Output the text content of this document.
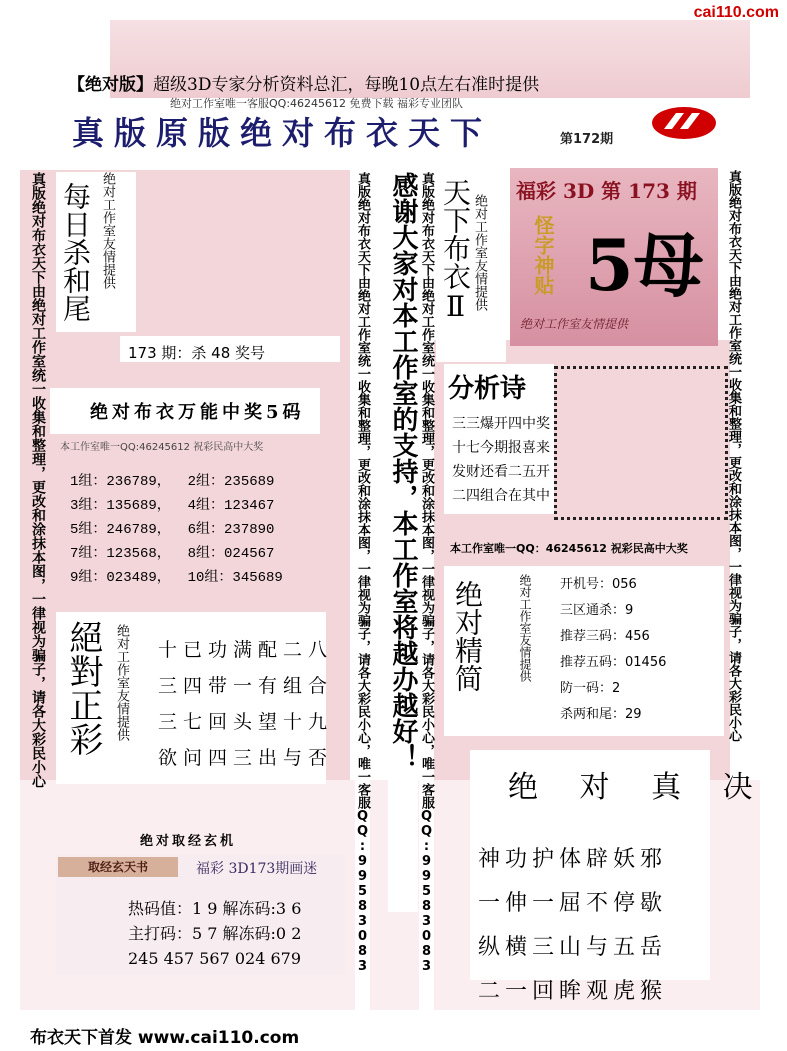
cai110.com
【绝对版】超级3D专家分析资料总汇，每晚10点左右准时提供
绝对工作室唯一客服QQ:46245612 免费下载 福彩专业团队
真版原版绝对布衣天下	第172期
真版绝对布衣天下由绝对工作室统一收集和整理，更改和涂抹本图，一律视为骗子，请各大彩民小心	真版绝对布衣天下由绝对工作室统一收集和整理，更改和涂抹本图，一律视为骗子，请各大彩民小心
真版绝对布衣天下由绝对工作室统一收集和整理，更改和涂抹本图，一律视为骗子，请各大彩民小心，唯一客服QQ:99583083	真版绝对布衣天下由绝对工作室统一收集和整理，更改和涂抹本图，一律视为骗子，请各大彩民小心，唯一客服QQ:99583083
感谢大家对本工作室的支持，本工作室将越办越好！
每日杀和尾 绝对工作室友情提供
173 期：杀 48 奖号
绝对布衣万能中奖5码
本工作室唯一QQ:46245612 祝彩民高中大奖
1组：236789，  2组：235689
3组：135689，  4组：123467
5组：246789，  6组：237890
7组：123568，  8组：024567
9组：023489，  10组：345689
絕對正彩 绝对工作室友情提供 十已功满配二八
三四带一有组合
三七回头望十九
欲问四三出与否
绝对取经玄机
取经玄天书	福彩 3D173期画迷
热码值：1 9 解冻码:3 6
主打码：5 7 解冻码:0 2
245 457 567 024 679
天下布衣Ⅱ 绝对工作室友情提供
福彩 3D 第 173 期
怪字神贴 5母
绝对工作室友情提供
分析诗
三三爆开四中奖
十七今期报喜来
发财还看二五开
二四组合在其中
本工作室唯一QQ：46245612 祝彩民高中大奖
绝对精简	绝对工作室友情提供 开机号：056
三区通杀：9
推荐三码：456
推荐五码：01456
防一码：2
杀两和尾：29
绝 对 真 决
神功护体辟妖邪
一伸一屈不停歇
纵横三山与五岳
二一回眸观虎猴
布衣天下首发 www.cai110.com
